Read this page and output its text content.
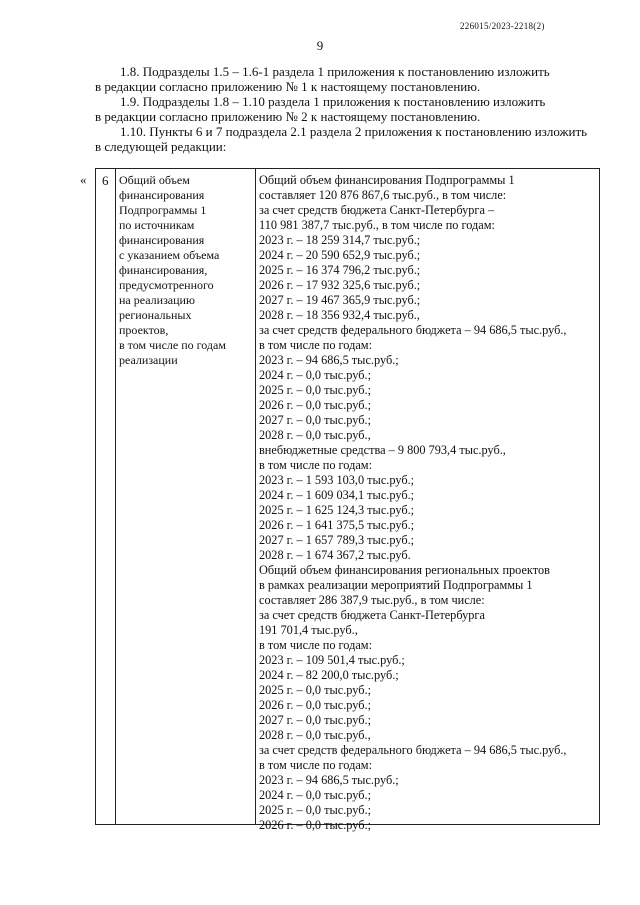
226015/2023-2218(2)
9
1.8. Подразделы 1.5 – 1.6-1 раздела 1 приложения к постановлению изложить
в редакции согласно приложению № 1 к настоящему постановлению.
1.9. Подразделы 1.8 – 1.10 раздела 1 приложения к постановлению изложить
в редакции согласно приложению № 2 к настоящему постановлению.
1.10. Пункты 6 и 7 подраздела 2.1 раздела 2 приложения к постановлению изложить
в следующей редакции:
« 6 Общий объем
финансирования
Подпрограммы 1
по источникам
финансирования
с указанием объема
финансирования,
предусмотренного
на реализацию
региональных
проектов,
в том числе по годам
реализации
Общий объем финансирования Подпрограммы 1
составляет 120 876 867,6 тыс.руб., в том числе:
за счет средств бюджета Санкт-Петербурга –
110 981 387,7 тыс.руб., в том числе по годам:
2023 г. – 18 259 314,7 тыс.руб.;
2024 г. – 20 590 652,9 тыс.руб.;
2025 г. – 16 374 796,2 тыс.руб.;
2026 г. – 17 932 325,6 тыс.руб.;
2027 г. – 19 467 365,9 тыс.руб.;
2028 г. – 18 356 932,4 тыс.руб.,
за счет средств федерального бюджета – 94 686,5 тыс.руб.,
в том числе по годам:
2023 г. – 94 686,5 тыс.руб.;
2024 г. – 0,0 тыс.руб.;
2025 г. – 0,0 тыс.руб.;
2026 г. – 0,0 тыс.руб.;
2027 г. – 0,0 тыс.руб.;
2028 г. – 0,0 тыс.руб.,
внебюджетные средства – 9 800 793,4 тыс.руб.,
в том числе по годам:
2023 г. – 1 593 103,0 тыс.руб.;
2024 г. – 1 609 034,1 тыс.руб.;
2025 г. – 1 625 124,3 тыс.руб.;
2026 г. – 1 641 375,5 тыс.руб.;
2027 г. – 1 657 789,3 тыс.руб.;
2028 г. – 1 674 367,2 тыс.руб.
Общий объем финансирования региональных проектов
в рамках реализации мероприятий Подпрограммы 1
составляет 286 387,9 тыс.руб., в том числе:
за счет средств бюджета Санкт-Петербурга
191 701,4 тыс.руб.,
в том числе по годам:
2023 г. – 109 501,4 тыс.руб.;
2024 г. – 82 200,0 тыс.руб.;
2025 г. – 0,0 тыс.руб.;
2026 г. – 0,0 тыс.руб.;
2027 г. – 0,0 тыс.руб.;
2028 г. – 0,0 тыс.руб.,
за счет средств федерального бюджета – 94 686,5 тыс.руб.,
в том числе по годам:
2023 г. – 94 686,5 тыс.руб.;
2024 г. – 0,0 тыс.руб.;
2025 г. – 0,0 тыс.руб.;
2026 г. – 0,0 тыс.руб.;
